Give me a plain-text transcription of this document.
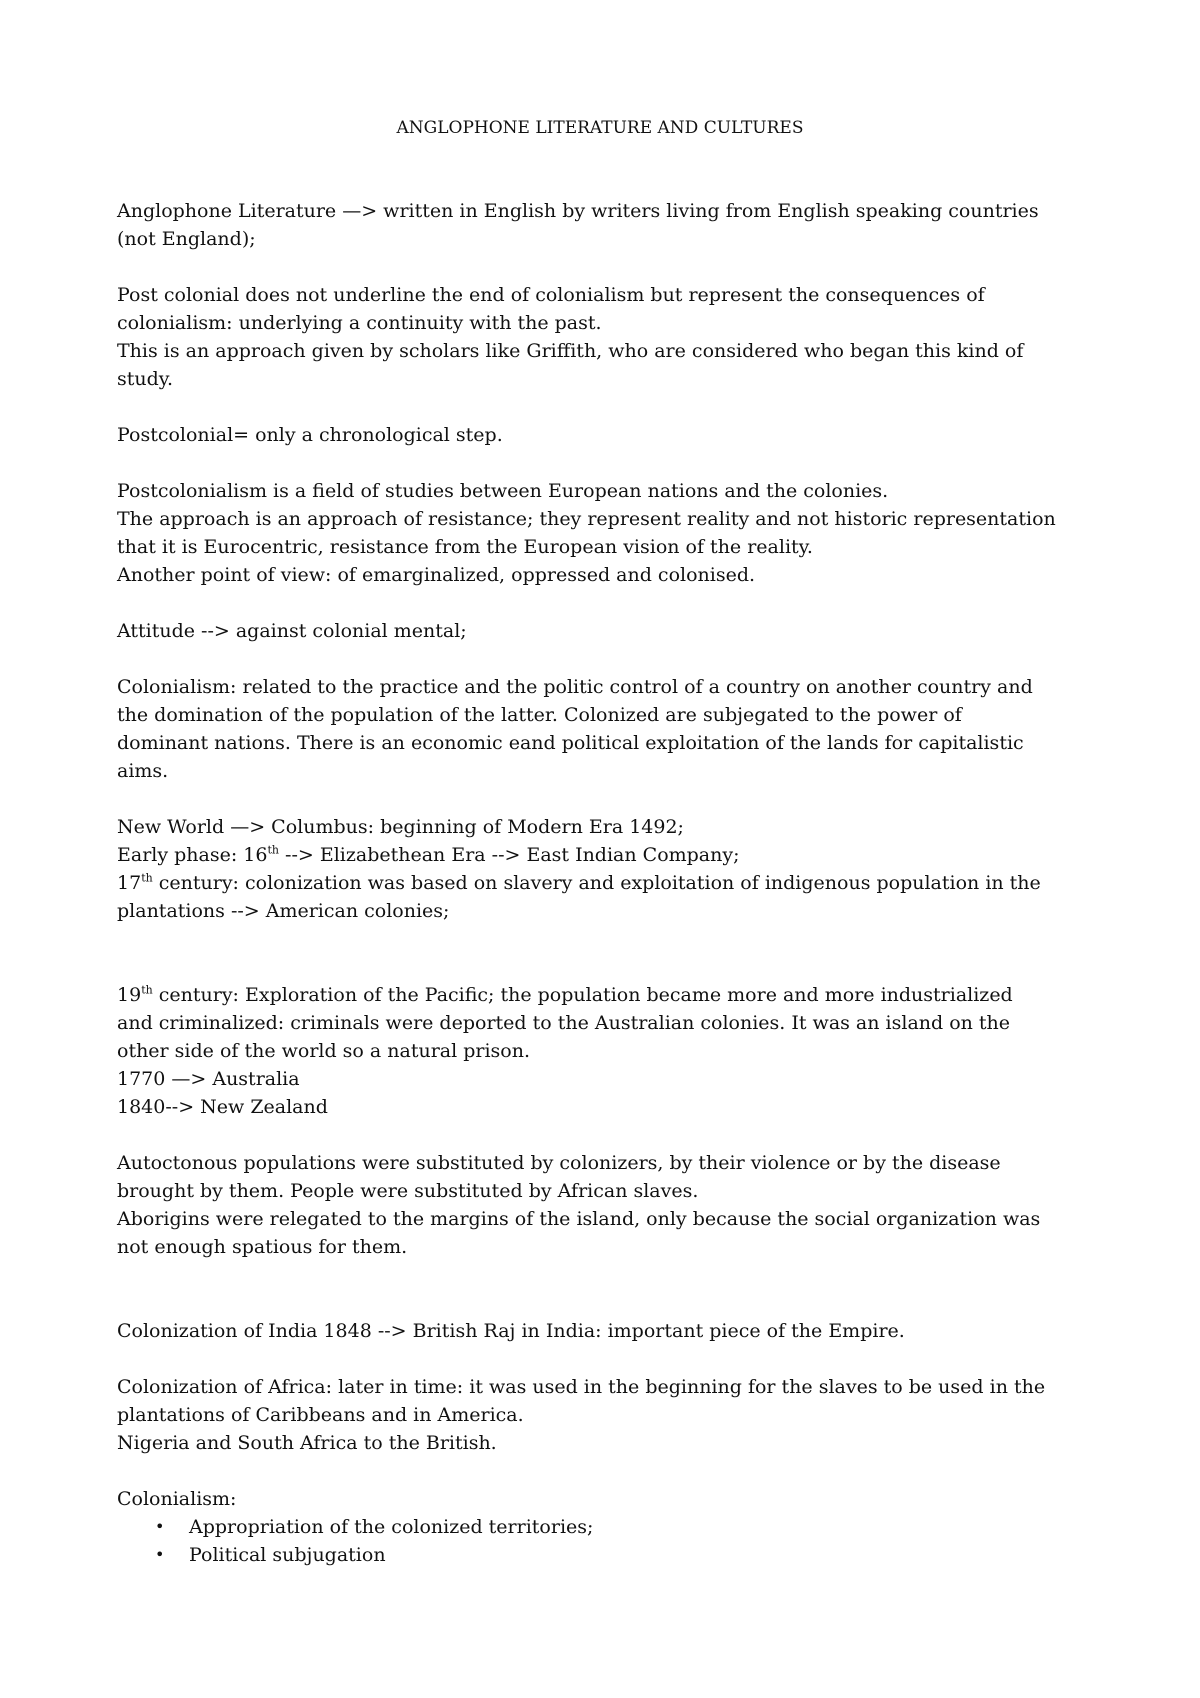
ANGLOPHONE LITERATURE AND CULTURES

Anglophone Literature —> written in English by writers living from English speaking countries
(not England);

Post colonial does not underline the end of colonialism but represent the consequences of
colonialism: underlying a continuity with the past.
This is an approach given by scholars like Griffith, who are considered who began this kind of
study.

Postcolonial= only a chronological step.

Postcolonialism is a field of studies between European nations and the colonies.
The approach is an approach of resistance; they represent reality and not historic representation
that it is Eurocentric, resistance from the European vision of the reality.
Another point of view: of emarginalized, oppressed and colonised.

Attitude --> against colonial mental;

Colonialism: related to the practice and the politic control of a country on another country and
the domination of the population of the latter. Colonized are subjegated to the power of
dominant nations. There is an economic eand political exploitation of the lands for capitalistic
aims.

New World —> Columbus: beginning of Modern Era 1492;
Early phase: 16th --> Elizabethean Era --> East Indian Company;
17th century: colonization was based on slavery and exploitation of indigenous population in the
plantations --> American colonies;

19th century: Exploration of the Pacific; the population became more and more industrialized
and criminalized: criminals were deported to the Australian colonies. It was an island on the
other side of the world so a natural prison.
1770 —> Australia
1840--> New Zealand

Autoctonous populations were substituted by colonizers, by their violence or by the disease
brought by them. People were substituted by African slaves.
Aborigins were relegated to the margins of the island, only because the social organization was
not enough spatious for them.

Colonization of India 1848 --> British Raj in India: important piece of the Empire.

Colonization of Africa: later in time: it was used in the beginning for the slaves to be used in the
plantations of Caribbeans and in America.
Nigeria and South Africa to the British.

Colonialism:

• Appropriation of the colonized territories;
• Political subjugation
